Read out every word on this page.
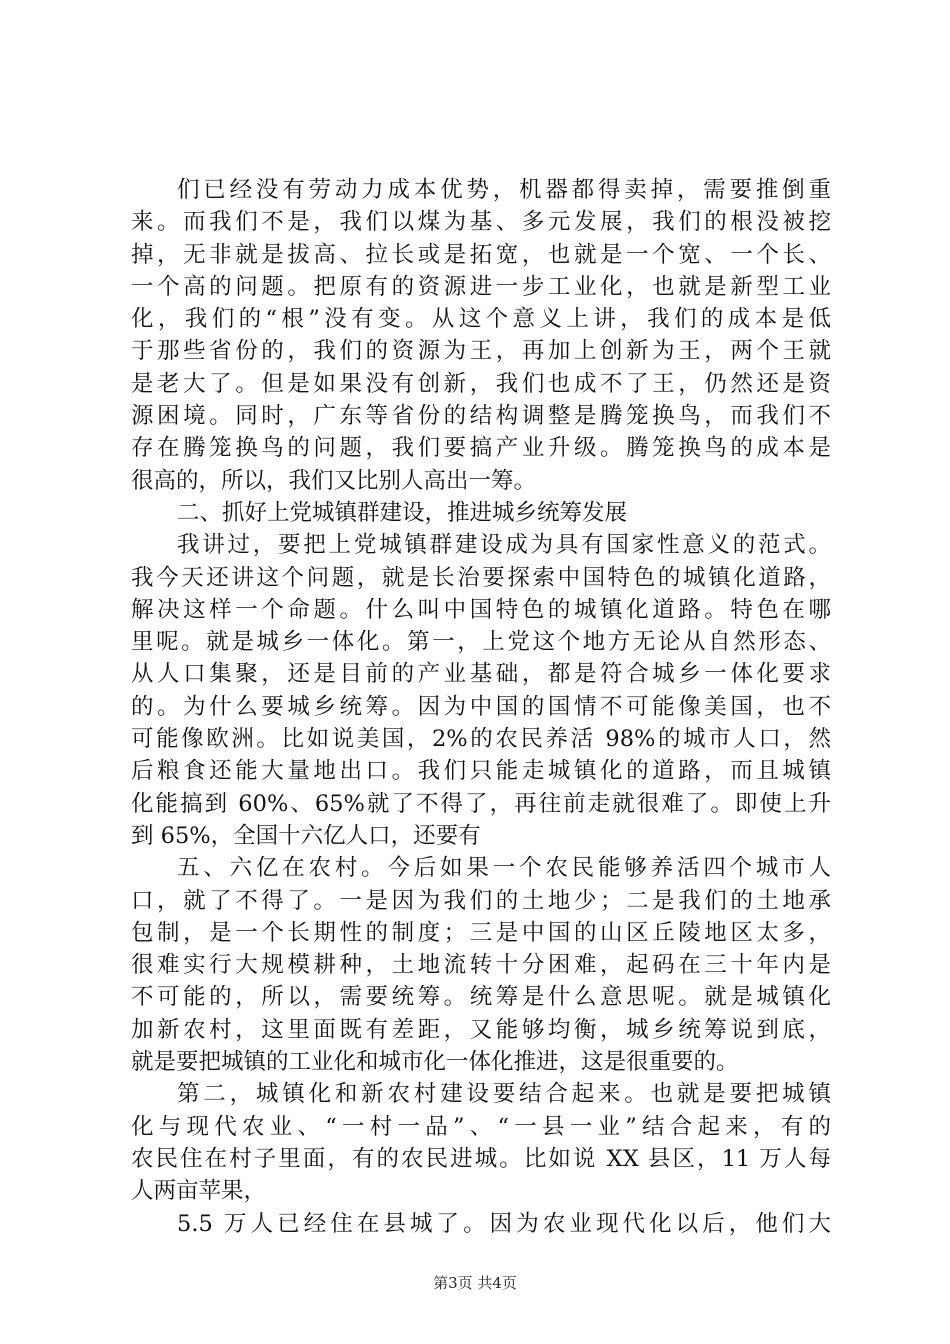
们已经没有劳动力成本优势，机器都得卖掉，需要推倒重
来。而我们不是，我们以煤为基、多元发展，我们的根没被挖
掉，无非就是拔高、拉长或是拓宽，也就是一个宽、一个长、
一个高的问题。把原有的资源进一步工业化，也就是新型工业
化，我们的“根”没有变。从这个意义上讲，我们的成本是低
于那些省份的，我们的资源为王，再加上创新为王，两个王就
是老大了。但是如果没有创新，我们也成不了王，仍然还是资
源困境。同时，广东等省份的结构调整是腾笼换鸟，而我们不
存在腾笼换鸟的问题，我们要搞产业升级。腾笼换鸟的成本是
很高的，所以，我们又比别人高出一筹。
二、抓好上党城镇群建设，推进城乡统筹发展
我讲过，要把上党城镇群建设成为具有国家性意义的范式。
我今天还讲这个问题，就是长治要探索中国特色的城镇化道路，
解决这样一个命题。什么叫中国特色的城镇化道路。特色在哪
里呢。就是城乡一体化。第一，上党这个地方无论从自然形态、
从人口集聚，还是目前的产业基础，都是符合城乡一体化要求
的。为什么要城乡统筹。因为中国的国情不可能像美国，也不
可能像欧洲。比如说美国，2%的农民养活 98%的城市人口，然
后粮食还能大量地出口。我们只能走城镇化的道路，而且城镇
化能搞到 60%、65%就了不得了，再往前走就很难了。即使上升
到 65%，全国十六亿人口，还要有
五、六亿在农村。今后如果一个农民能够养活四个城市人
口，就了不得了。一是因为我们的土地少；二是我们的土地承
包制，是一个长期性的制度；三是中国的山区丘陵地区太多，
很难实行大规模耕种，土地流转十分困难，起码在三十年内是
不可能的，所以，需要统筹。统筹是什么意思呢。就是城镇化
加新农村，这里面既有差距，又能够均衡，城乡统筹说到底，
就是要把城镇的工业化和城市化一体化推进，这是很重要的。
第二，城镇化和新农村建设要结合起来。也就是要把城镇
化与现代农业、“一村一品”、“一县一业”结合起来，有的
农民住在村子里面，有的农民进城。比如说 XX 县区，11 万人每
人两亩苹果，
5.5 万人已经住在县城了。因为农业现代化以后，他们大
第3页 共4页
